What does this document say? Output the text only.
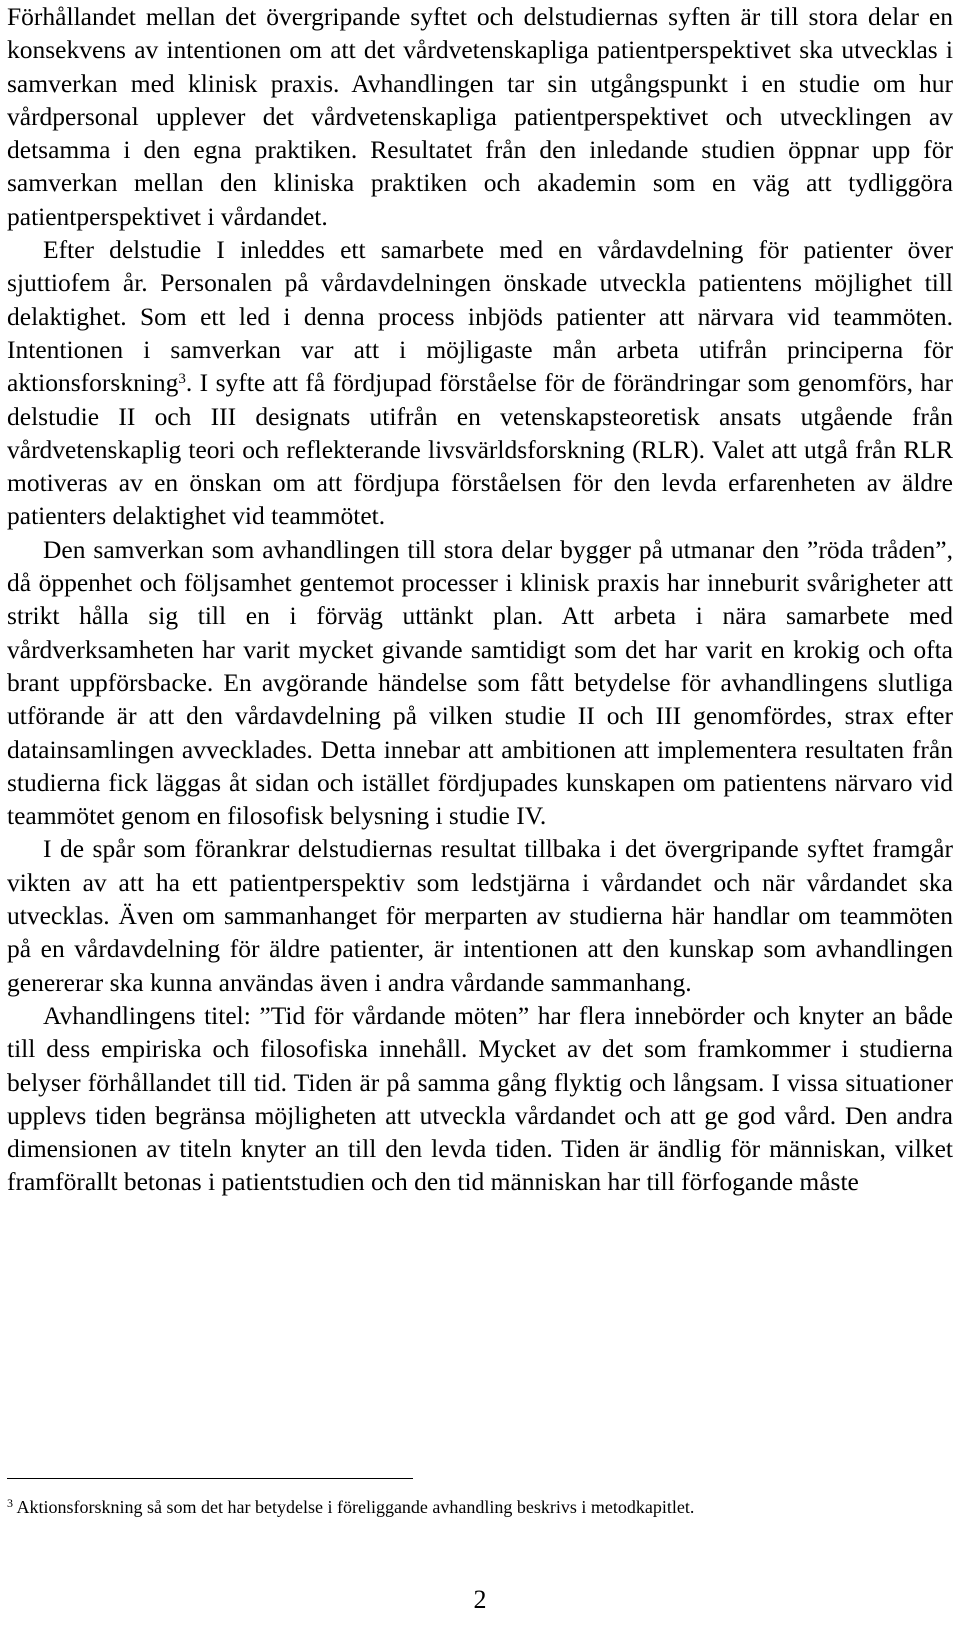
Förhållandet mellan det övergripande syftet och delstudiernas syften är till stora delar en konsekvens av intentionen om att det vårdvetenskapliga patientperspektivet ska utvecklas i samverkan med klinisk praxis. Avhandlingen tar sin utgångspunkt i en studie om hur vårdpersonal upplever det vårdvetenskapliga patientperspektivet och utvecklingen av detsamma i den egna praktiken. Resultatet från den inledande studien öppnar upp för samverkan mellan den kliniska praktiken och akademin som en väg att tydliggöra patientperspektivet i vårdandet.

Efter delstudie I inleddes ett samarbete med en vårdavdelning för patienter över sjuttiofem år. Personalen på vårdavdelningen önskade utveckla patientens möjlighet till delaktighet. Som ett led i denna process inbjöds patienter att närvara vid teammöten. Intentionen i samverkan var att i möjligaste mån arbeta utifrån principerna för aktionsforskning$^3$. I syfte att få fördjupad förståelse för de förändringar som genomförs, har delstudie II och III designats utifrån en vetenskapsteoretisk ansats utgående från vårdvetenskaplig teori och reflekterande livsvärldsforskning (RLR). Valet att utgå från RLR motiveras av en önskan om att fördjupa förståelsen för den levda erfarenheten av äldre patienters delaktighet vid teammötet.

Den samverkan som avhandlingen till stora delar bygger på utmanar den ”röda tråden”, då öppenhet och följsamhet gentemot processer i klinisk praxis har inneburit svårigheter att strikt hålla sig till en i förväg uttänkt plan. Att arbeta i nära samarbete med vårdverksamheten har varit mycket givande samtidigt som det har varit en krokig och ofta brant uppförsbacke. En avgörande händelse som fått betydelse för avhandlingens slutliga utförande är att den vårdavdelning på vilken studie II och III genomfördes, strax efter datainsamlingen avvecklades. Detta innebar att ambitionen att implementera resultaten från studierna fick läggas åt sidan och istället fördjupades kunskapen om patientens närvaro vid teammötet genom en filosofisk belysning i studie IV.

I de spår som förankrar delstudiernas resultat tillbaka i det övergripande syftet framgår vikten av att ha ett patientperspektiv som ledstjärna i vårdandet och när vårdandet ska utvecklas. Även om sammanhanget för merparten av studierna här handlar om teammöten på en vårdavdelning för äldre patienter, är intentionen att den kunskap som avhandlingen genererar ska kunna användas även i andra vårdande sammanhang.

Avhandlingens titel: ”Tid för vårdande möten” har flera innebörder och knyter an både till dess empiriska och filosofiska innehåll. Mycket av det som framkommer i studierna belyser förhållandet till tid. Tiden är på samma gång flyktig och långsam. I vissa situationer upplevs tiden begränsa möjligheten att utveckla vårdandet och att ge god vård. Den andra dimensionen av titeln knyter an till den levda tiden. Tiden är ändlig för människan, vilket framförallt betonas i patientstudien och den tid människan har till förfogande måste

$^3$ Aktionsforskning så som det har betydelse i föreliggande avhandling beskrivs i metodkapitlet.
2
